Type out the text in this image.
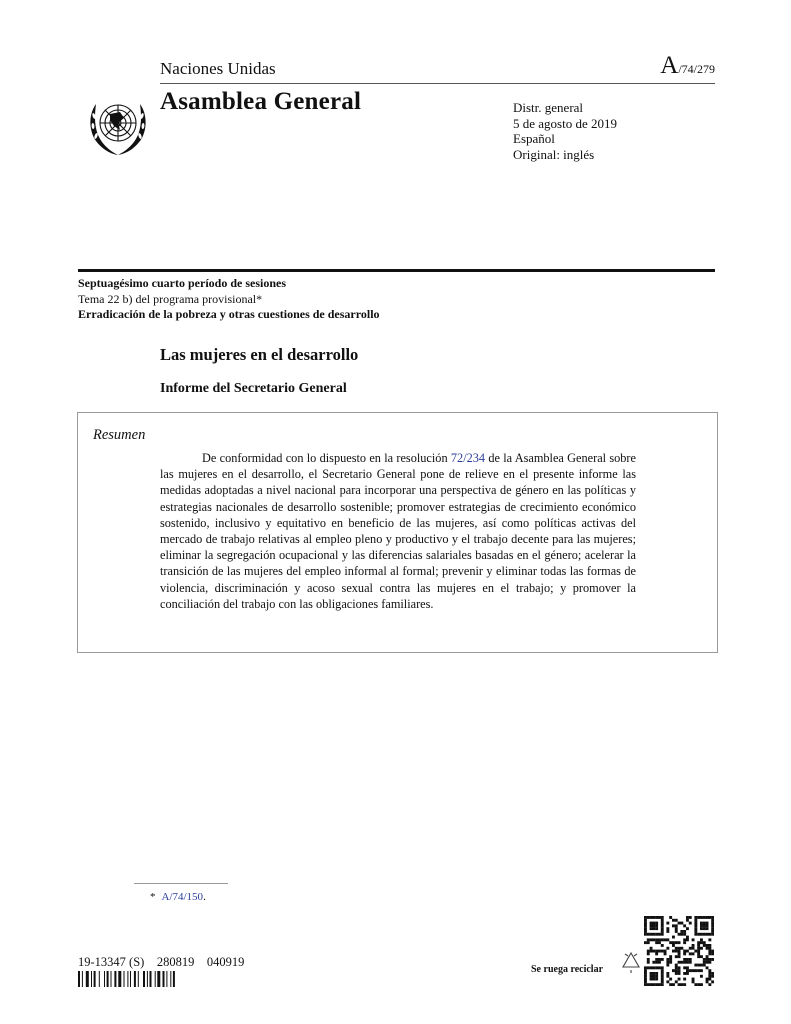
Naciones Unidas	A/74/279
Asamblea General	Distr. general
5 de agosto de 2019
Español
Original: inglés
Septuagésimo cuarto período de sesiones
Tema 22 b) del programa provisional*
Erradicación de la pobreza y otras cuestiones de desarrollo
Las mujeres en el desarrollo
Informe del Secretario General
Resumen

De conformidad con lo dispuesto en la resolución 72/234 de la Asamblea General sobre las mujeres en el desarrollo, el Secretario General pone de relieve en el presente informe las medidas adoptadas a nivel nacional para incorporar una perspectiva de género en las políticas y estrategias nacionales de desarrollo sostenible; promover estrategias de crecimiento económico sostenido, inclusivo y equitativo en beneficio de las mujeres, así como políticas activas del mercado de trabajo relativas al empleo pleno y productivo y el trabajo decente para las mujeres; eliminar la segregación ocupacional y las diferencias salariales basadas en el género; acelerar la transición de las mujeres del empleo informal al formal; prevenir y eliminar todas las formas de violencia, discriminación y acoso sexual contra las mujeres en el trabajo; y promover la conciliación del trabajo con las obligaciones familiares.

* A/74/150.
19-13347 (S)    280819    040919
Se ruega reciclar
